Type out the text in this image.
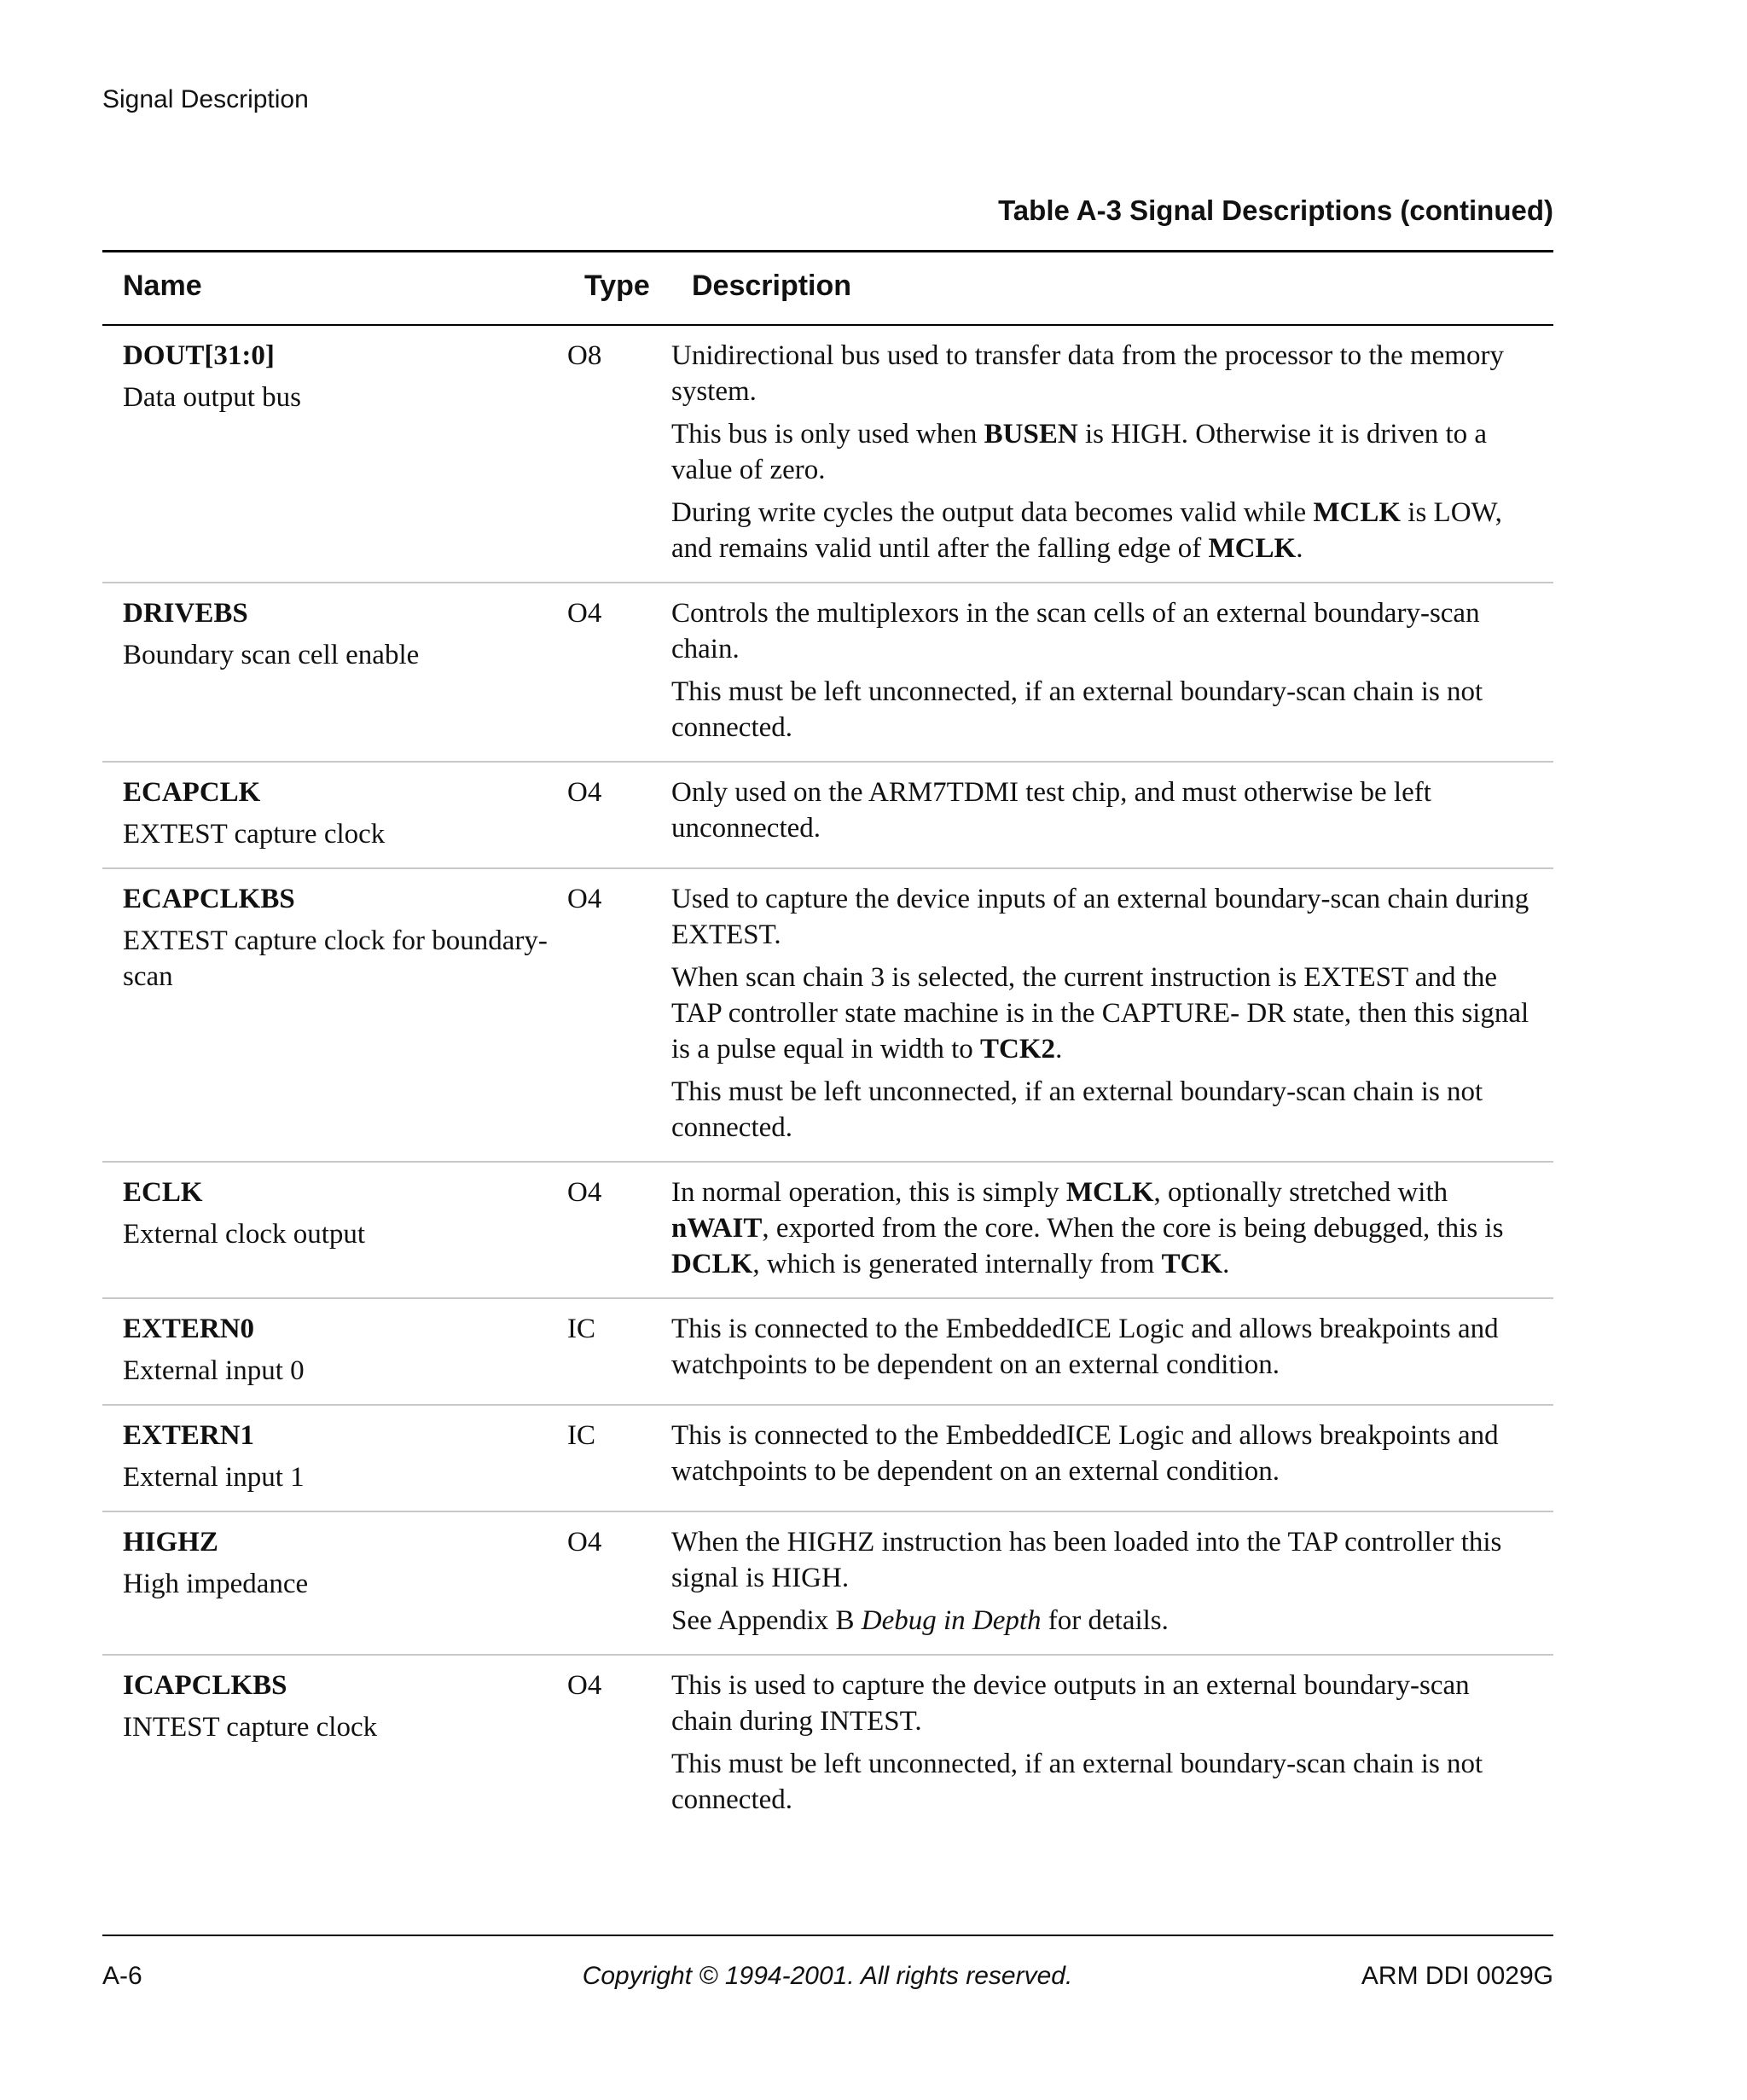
Signal Description
Table A-3 Signal Descriptions (continued)
Name	Type Description
DOUT[31:0]
Data output bus
O8	Unidirectional bus used to transfer data from the processor to the memory system.

This bus is only used when BUSEN is HIGH. Otherwise it is driven to a value of zero.

During write cycles the output data becomes valid while MCLK is LOW, and remains valid until after the falling edge of MCLK.

DRIVEBS
Boundary scan cell enable
O4	Controls the multiplexors in the scan cells of an external boundary-scan chain.

This must be left unconnected, if an external boundary-scan chain is not connected.

ECAPCLK
EXTEST capture clock
O4	Only used on the ARM7TDMI test chip, and must otherwise be left unconnected.

ECAPCLKBS
EXTEST capture clock for boundary-scan
O4	Used to capture the device inputs of an external boundary-scan chain during EXTEST.

When scan chain 3 is selected, the current instruction is EXTEST and the TAP controller state machine is in the CAPTURE- DR state, then this signal is a pulse equal in width to TCK2.

This must be left unconnected, if an external boundary-scan chain is not connected.

ECLK
External clock output
O4	In normal operation, this is simply MCLK, optionally stretched with nWAIT, exported from the core. When the core is being debugged, this is DCLK, which is generated internally from TCK.

EXTERN0
External input 0
IC	This is connected to the EmbeddedICE Logic and allows breakpoints and watchpoints to be dependent on an external condition.

EXTERN1
External input 1
IC	This is connected to the EmbeddedICE Logic and allows breakpoints and watchpoints to be dependent on an external condition.

HIGHZ
High impedance
O4	When the HIGHZ instruction has been loaded into the TAP controller this signal is HIGH.

See Appendix B Debug in Depth for details.

ICAPCLKBS
INTEST capture clock
O4	This is used to capture the device outputs in an external boundary-scan chain during INTEST.

This must be left unconnected, if an external boundary-scan chain is not connected.

A-6	Copyright © 1994-2001. All rights reserved.	ARM DDI 0029G
